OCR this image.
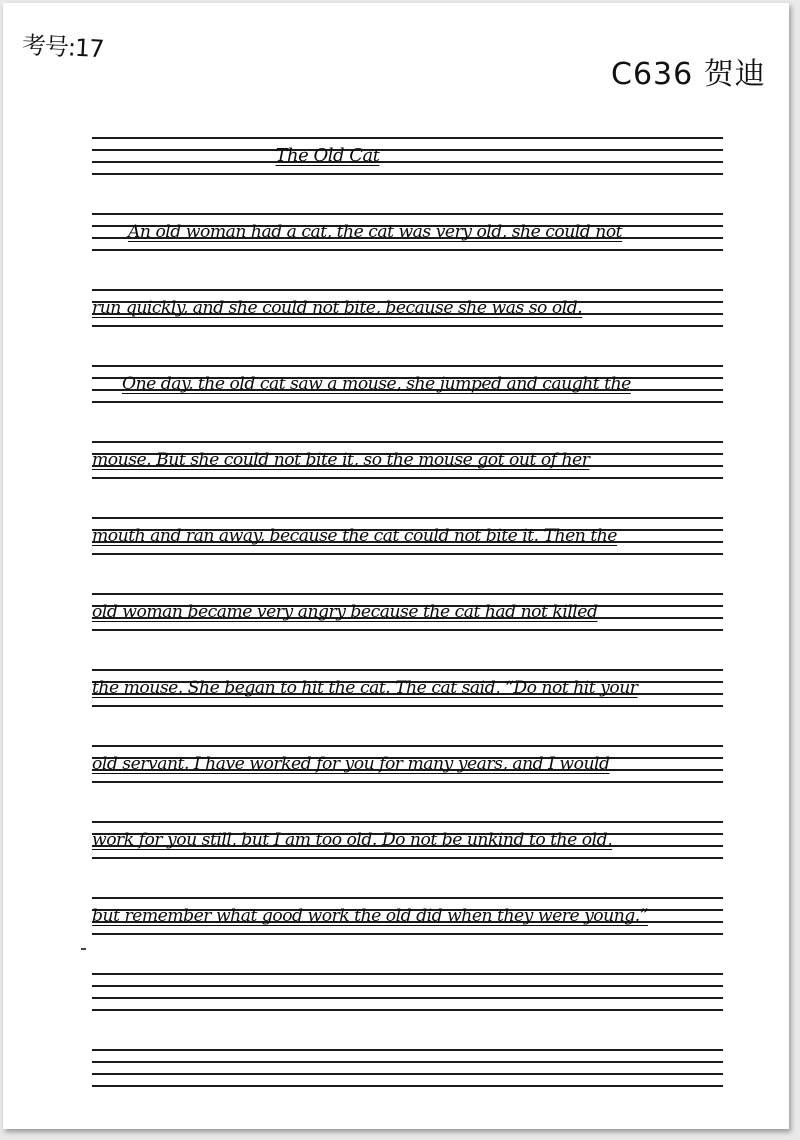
考号:17
C636 贺迪
The Old Cat
An old woman had a cat, the cat was very old, she could not
run quickly, and she could not bite, because she was so old.
One day, the old cat saw a mouse, she jumped and caught the
mouse. But she could not bite it, so the mouse got out of her
mouth and ran away, because the cat could not bite it. Then the
old woman became very angry because the cat had not killed
the mouse. She began to hit the cat. The cat said, “Do not hit your
old servant. I have worked for you for many years, and I would
work for you still, but I am too old. Do not be unkind to the old,
but remember what good work the old did when they were young.”
